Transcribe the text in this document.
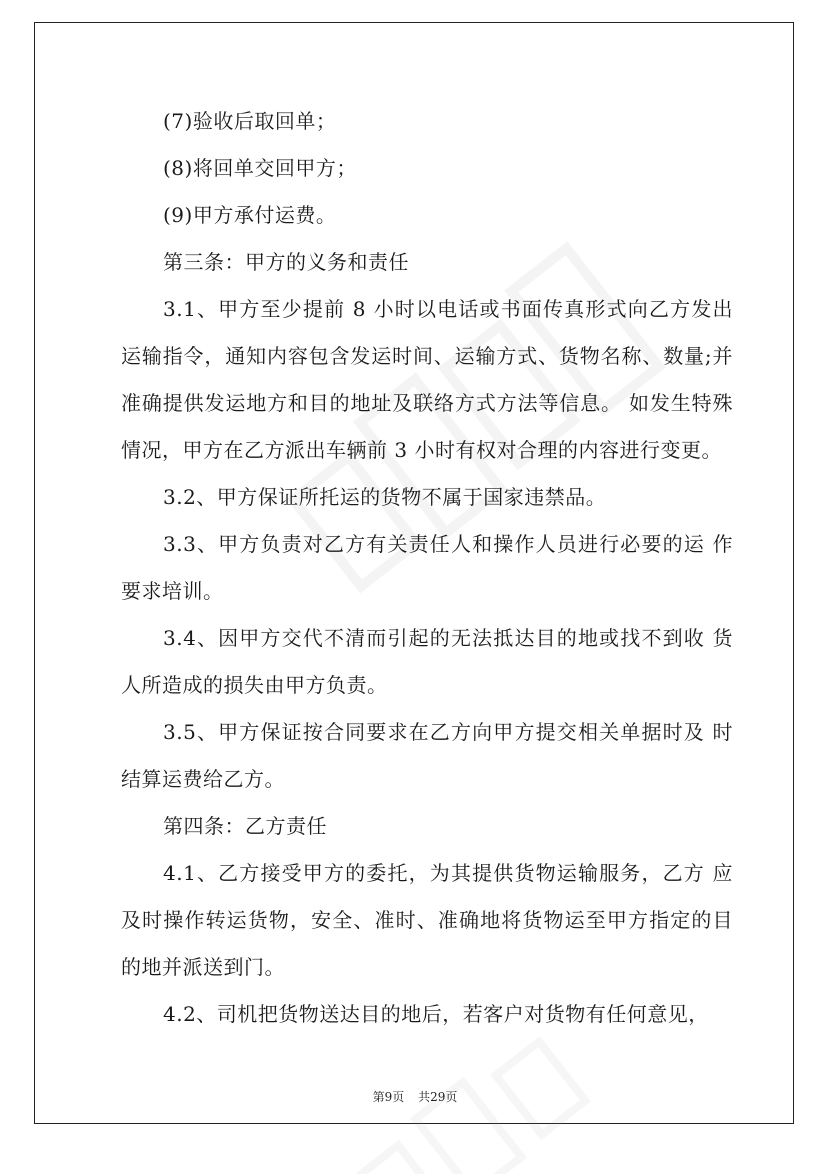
(7)验收后取回单；

(8)将回单交回甲方；

(9)甲方承付运费。

第三条：甲方的义务和责任

3.1、甲方至少提前 8 小时以电话或书面传真形式向乙方发出运输指令，通知内容包含发运时间、运输方式、货物名称、数量;并准确提供发运地方和目的地址及联络方式方法等信息。 如发生特殊情况，甲方在乙方派出车辆前 3 小时有权对合理的内容进行变更。

3.2、甲方保证所托运的货物不属于国家违禁品。

3.3、甲方负责对乙方有关责任人和操作人员进行必要的运 作要求培训。

3.4、因甲方交代不清而引起的无法抵达目的地或找不到收 货人所造成的损失由甲方负责。

3.5、甲方保证按合同要求在乙方向甲方提交相关单据时及 时结算运费给乙方。

第四条：乙方责任

4.1、乙方接受甲方的委托，为其提供货物运输服务，乙方 应及时操作转运货物，安全、准时、准确地将货物运至甲方指定的目的地并派送到门。

4.2、司机把货物送达目的地后，若客户对货物有任何意见，

第9页 共29页
